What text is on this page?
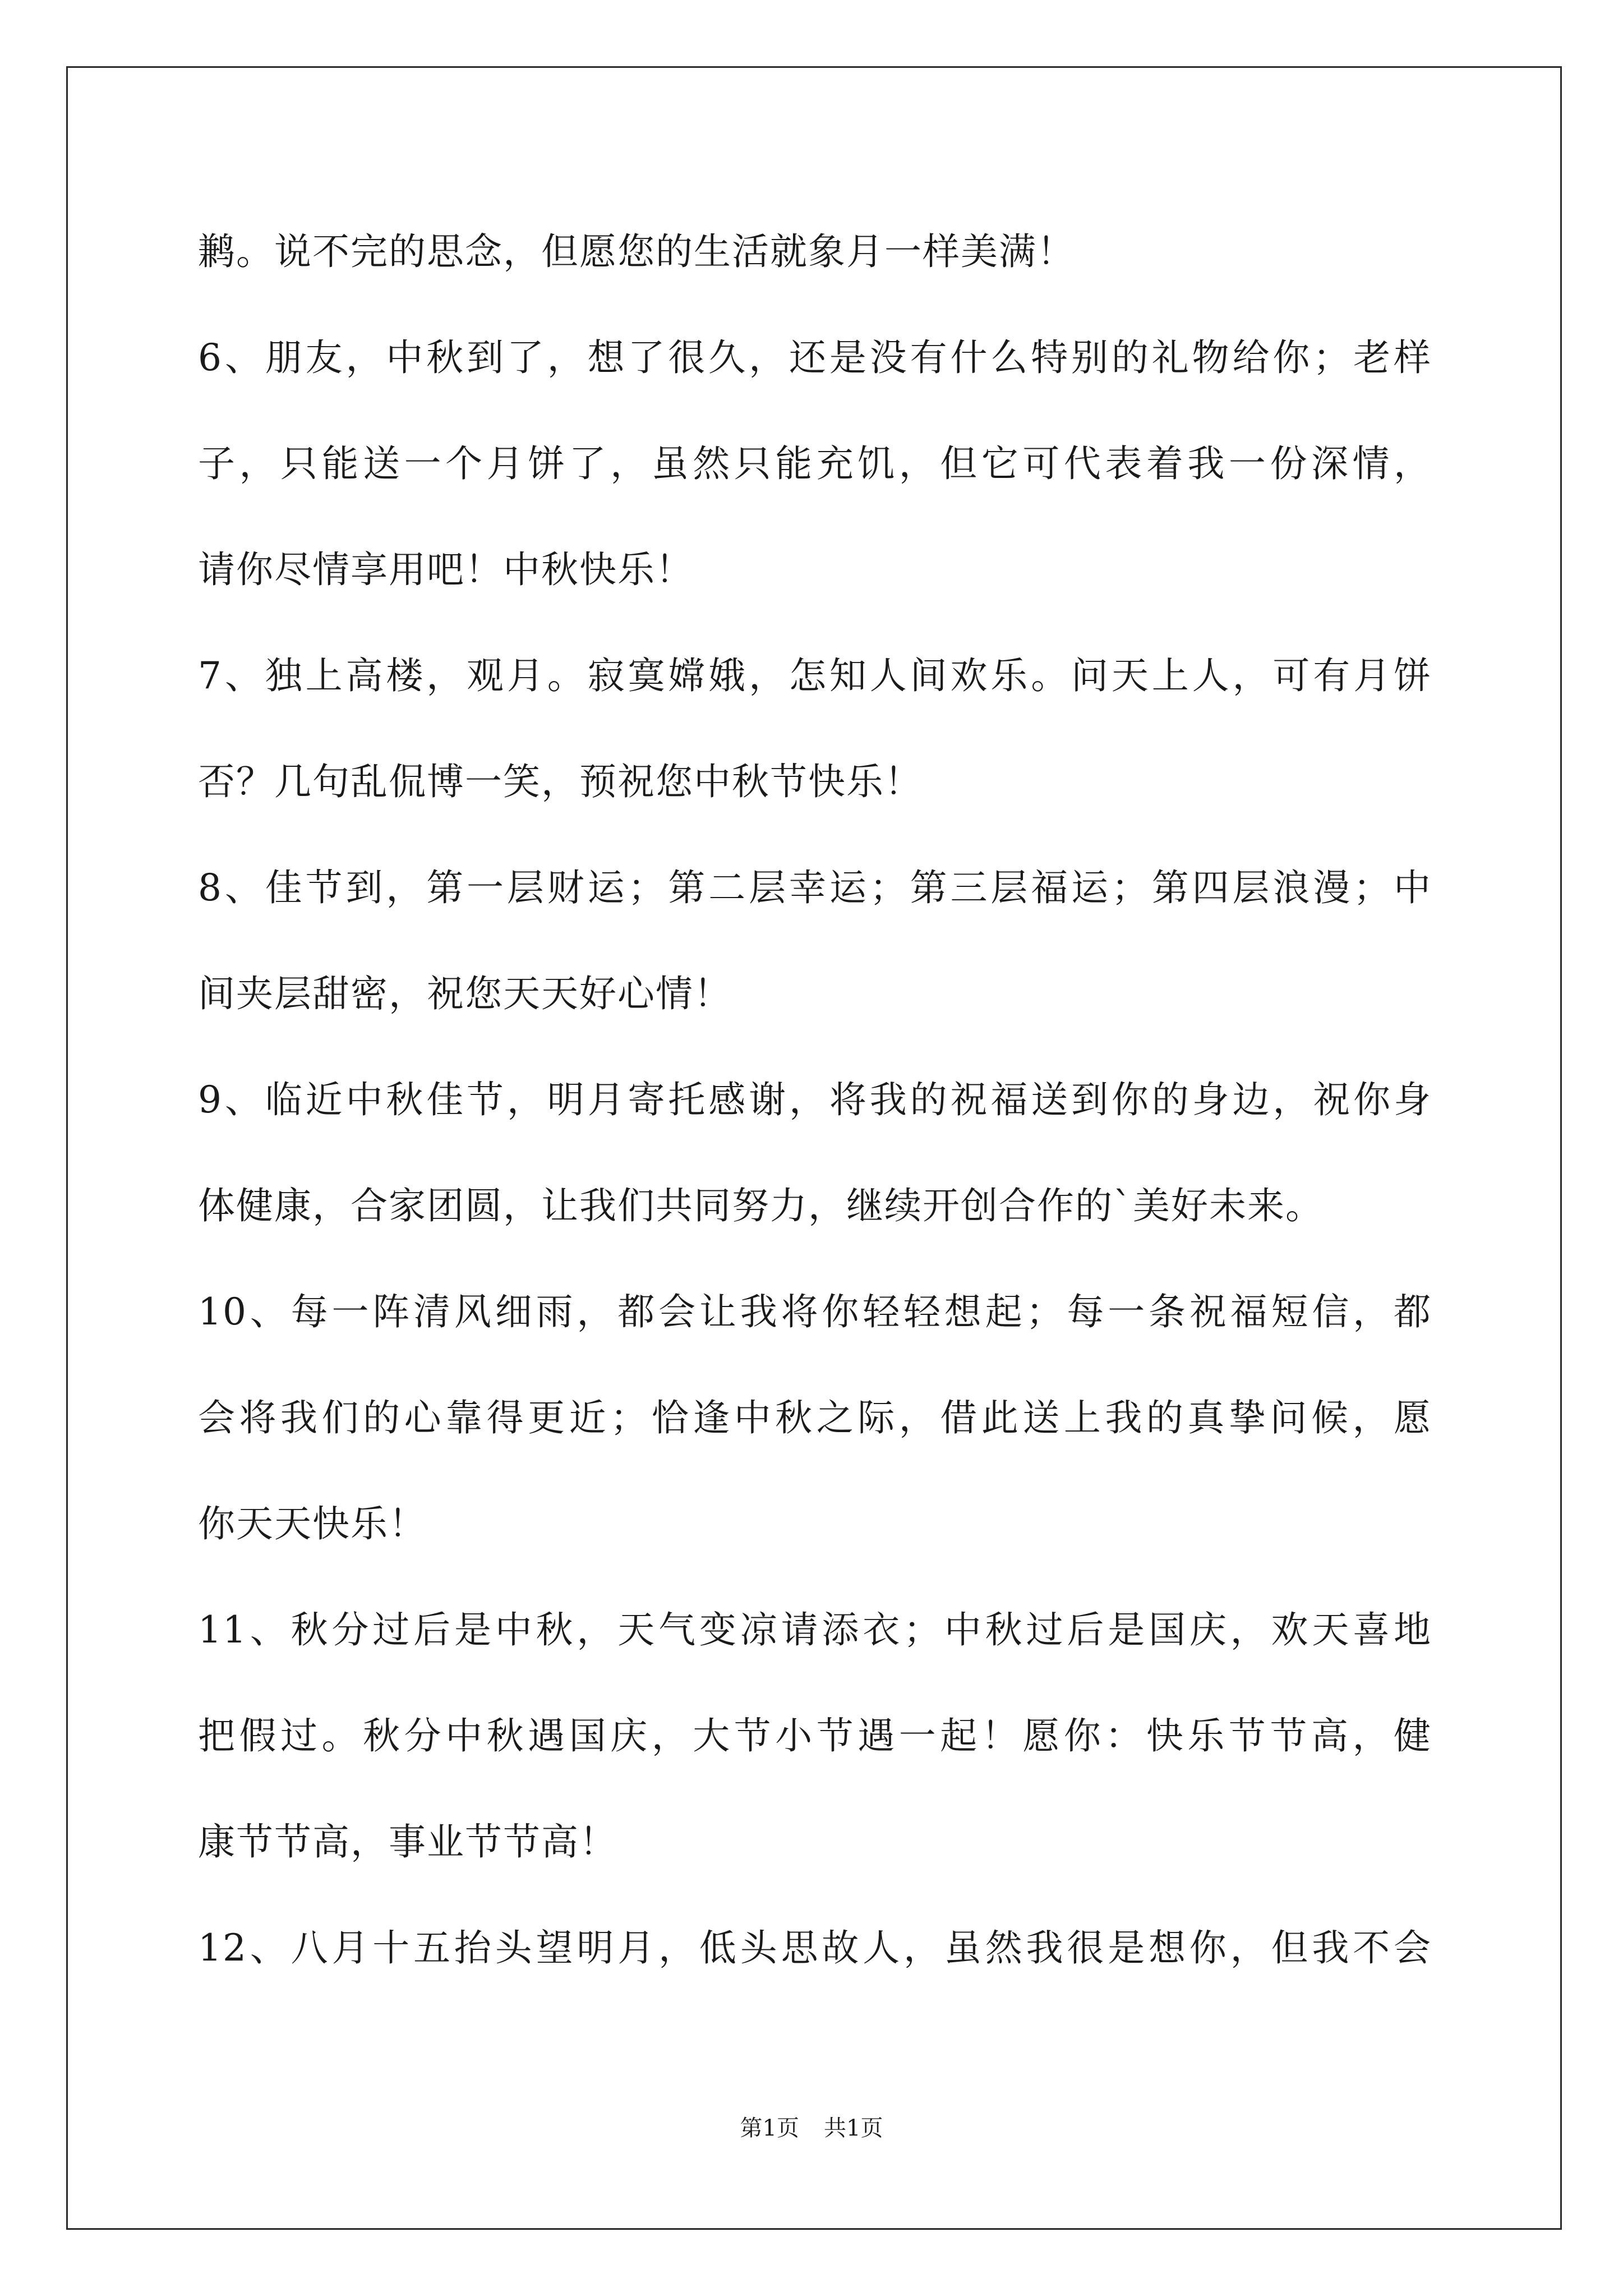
鹣。说不完的思念，但愿您的生活就象月一样美满！
6、朋友，中秋到了，想了很久，还是没有什么特别的礼物给你；老样
子，只能送一个月饼了，虽然只能充饥，但它可代表着我一份深情，
请你尽情享用吧！中秋快乐！
7、独上高楼，观月。寂寞嫦娥，怎知人间欢乐。问天上人，可有月饼
否？几句乱侃博一笑，预祝您中秋节快乐！
8、佳节到，第一层财运；第二层幸运；第三层福运；第四层浪漫；中
间夹层甜密，祝您天天好心情！
9、临近中秋佳节，明月寄托感谢，将我的祝福送到你的身边，祝你身
体健康，合家团圆，让我们共同努力，继续开创合作的`美好未来。
10、每一阵清风细雨，都会让我将你轻轻想起；每一条祝福短信，都
会将我们的心靠得更近；恰逢中秋之际，借此送上我的真挚问候，愿
你天天快乐！
11、秋分过后是中秋，天气变凉请添衣；中秋过后是国庆，欢天喜地
把假过。秋分中秋遇国庆，大节小节遇一起！愿你：快乐节节高，健
康节节高，事业节节高！
12、八月十五抬头望明月，低头思故人，虽然我很是想你，但我不会
第1页 共1页
